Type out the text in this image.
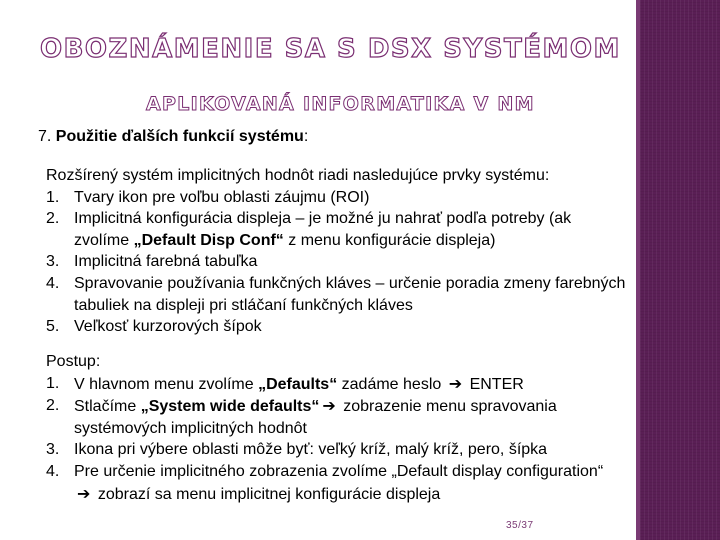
OBOZNÁMENIE SA S DSX SYSTÉMOM
APLIKOVANÁ INFORMATIKA V NM
7. Použitie ďalších funkcií systému:
Rozšírený systém implicitných hodnôt riadi nasledujúce prvky systému:
1. Tvary ikon pre voľbu oblasti záujmu (ROI)
2. Implicitná konfigurácia displeja – je možné ju nahrať podľa potreby (ak zvolíme „Default Disp Conf“ z menu konfigurácie displeja)
3. Implicitná farebná tabuľka
4. Spravovanie používania funkčných kláves – určenie poradia zmeny farebných tabuliek na displeji pri stláčaní funkčných kláves
5. Veľkosť kurzorových šípok
Postup:
1. V hlavnom menu zvolíme „Defaults“ zadáme heslo ➔ ENTER
2. Stlačíme „System wide defaults“ ➔ zobrazenie menu spravovania systémových implicitných hodnôt
3. Ikona pri výbere oblasti môže byť: veľký kríž, malý kríž, pero, šípka
4. Pre určenie implicitného zobrazenia zvolíme „Default display configuration“ ➔ zobrazí sa menu implicitnej konfigurácie displeja
35/37
